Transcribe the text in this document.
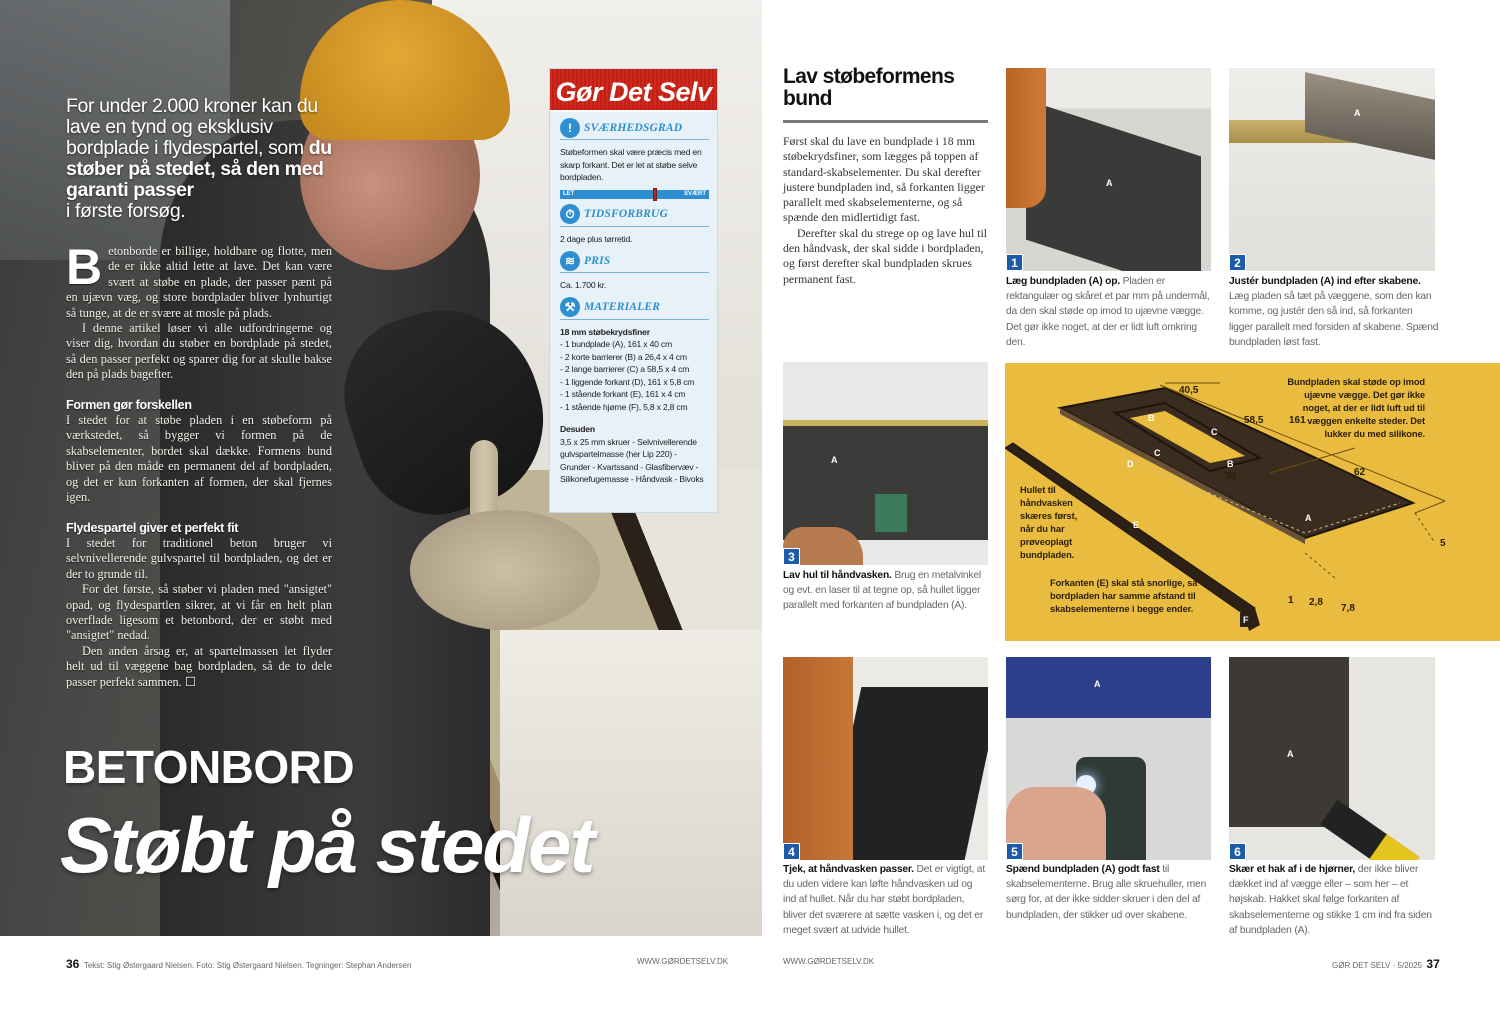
For under 2.000 kroner kan du lave en tynd og eksklusiv bordplade i flydespartel, som du støber på stedet, så den med garanti passer
i første forsøg.

Betonborde er billige, holdbare og flotte, men de er ikke altid lette at lave. Det kan være svært at støbe en plade, der passer pænt på en ujævn væg, og store bordplader bliver lynhurtigt så tunge, at de er svære at mosle på plads.

I denne artikel løser vi alle udfordringerne og viser dig, hvordan du støber en bordplade på stedet, så den passer perfekt og sparer dig for at skulle bakse den på plads bagefter.

Formen gør forskellen

I stedet for at støbe pladen i en støbeform på værkstedet, så bygger vi formen på de skabselementer, bordet skal dække. Formens bund bliver på den måde en permanent del af bordpladen, og det er kun forkanten af formen, der skal fjernes igen.

Flydespartel giver et perfekt fit

I stedet for traditionel beton bruger vi selvnivellerende gulvspartel til bordpladen, og det er der to grunde til.

For det første, så støber vi pladen med "ansigtet" opad, og flydespartlen sikrer, at vi får en helt plan overflade ligesom et betonbord, der er støbt med "ansigtet" nedad.

Den anden årsag er, at spartelmassen let flyder helt ud til væggene bag bordpladen, så de to dele passer perfekt sammen. ☐

BETONBORD
Støbt på stedet
Gør Det Selv
!	SVÆRHEDSGRAD
Støbeformen skal være præcis med en skarp forkant. Det er let at støbe selve bordpladen.
LET	SVÆRT
⏱ TIDSFORBRUG
2 dage plus tørretid.
≋ PRIS
Ca. 1.700 kr.
⚒ MATERIALER
18 mm støbekrydsfiner
- 1 bundplade (A), 161 x 40 cm
- 2 korte barrierer (B) a 26,4 x 4 cm
- 2 lange barrierer (C) a 58,5 x 4 cm
- 1 liggende forkant (D), 161 x 5,8 cm
- 1 stående forkant (E), 161 x 4 cm
- 1 stående hjørne (F), 5,8 x 2,8 cm

Desuden
3,5 x 25 mm skruer - Selvnivellerende gulvspartelmasse (her Lip 220) - Grunder - Kvartssand - Glasfibervæv - Silikonefugemasse - Håndvask - Bivoks
36 Tekst: Stig Østergaard Nielsen. Foto: Stig Østergaard Nielsen. Tegninger: Stephan Andersen	WWW.GØRDETSELV.DK
Lav støbeformens bund

Først skal du lave en bundplade i 18 mm støbekrydsfiner, som lægges på toppen af standard-skabselementer. Du skal derefter justere bundpladen ind, så forkanten ligger parallelt med skabselementerne, og så spænde den midlertidigt fast.

Derefter skal du strege op og lave hul til den håndvask, der skal sidde i bordpladen, og først derefter skal bundpladen skrues permanent fast.

A
1
Læg bundpladen (A) op. Pladen er rektangulær og skåret et par mm på undermål, da den skal støde op imod to ujævne vægge. Det gør ikke noget, at der er lidt luft omkring den.
A
2
Justér bundpladen (A) ind efter skabene. Læg pladen så tæt på væggene, som den kan komme, og justér den så ind, så forkanten ligger parallelt med forsiden af skabene. Spænd bundpladen løst fast.
A
3
Lav hul til håndvasken. Brug en metalvinkel og evt. en laser til at tegne op, så hullet ligger parallelt med forkanten af bundpladen (A).
40,5
58,5	161
30	62
5
1 2,8
7,8
A
B
B
C
C
D
E
F
Bundpladen skal støde op imod ujævne vægge. Det gør ikke noget, at der er lidt luft ud til væggen enkelte steder. Det lukker du med silikone.
Hullet til håndvasken skæres først, når du har prøveoplagt bundpladen.
Forkanten (E) skal stå snorlige, så bordpladen har samme afstand til skabselementerne i begge ender.
4
Tjek, at håndvasken passer. Det er vigtigt, at du uden videre kan løfte håndvasken ud og ind af hullet. Når du har støbt bordpladen, bliver det sværere at sætte vasken i, og det er meget svært at udvide hullet.
A
5
Spænd bundpladen (A) godt fast til skabselementerne. Brug alle skruehuller, men sørg for, at der ikke sidder skruer i den del af bundpladen, der stikker ud over skabene.
A
6
Skær et hak af i de hjørner, der ikke bliver dækket ind af vægge eller – som her – et højskab. Hakket skal følge forkanten af skabselementerne og stikke 1 cm ind fra siden af bundpladen (A).
WWW.GØRDETSELV.DK	GØR DET SELV · 5/2025 37
